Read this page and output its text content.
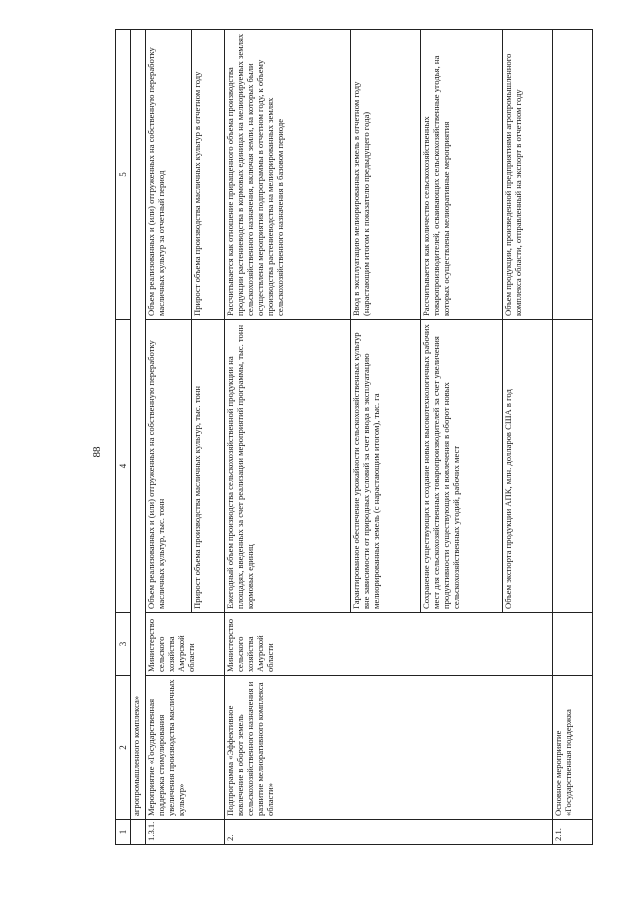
88
1	2	3	4	5
	агропромышленного комплекса»			
1.3.1.	Мероприятие «Государственная поддержка стимулирования увеличения производства масличных культур»	Министерство сельского хозяйства Амурской области	Объем реализованных и (или) отгруженных на собственную переработку масличных культур, тыс. тонн	Объем реализованных и (или) отгруженных на собственную переработку масличных культур за отчетный период
			Прирост объема производства масличных культур, тыс. тонн	Прирост объема производства масличных культур в отчетном году
2.	Подпрограмма «Эффективное вовлечение в оборот земель сельскохозяйственного назначения и развитие мелиоративного комплекса области»	Министерство сельского хозяйства Амурской области	Ежегодный объем производства сельскохозяйственной продукции на площадях, введенных за счет реализации мероприятий программы, тыс. тонн кормовых единиц	Рассчитывается как отношение приращенного объема производства продукции растениеводства в кормовых единицах на мелиорируемых землях сельскохозяйственного назначения, включая земли, на которых были осуществлены мероприятия подпрограммы в отчетном году, к объему производства растениеводства на мелиорированных землях сельскохозяйственного назначения в базовом периоде
			Гарантированное обеспечение урожайности сельскохозяйственных культур вне зависимости от природных условий за счет ввода в эксплуатацию мелиорированных земель (с нарастающим итогом), тыс. га	Ввод в эксплуатацию мелиорированных земель в отчетном году (нарастающим итогом к показателю предыдущего года)
			Сохранение существующих и создание новых высокотехнологичных рабочих мест для сельскохозяйственных товаропроизводителей за счет увеличения продуктивности существующих и вовлечения в оборот новых сельскохозяйственных угодий, рабочих мест	Рассчитывается как количество сельскохозяйственных товаропроизводителей, осваивающих сельскохозяйственные угодья, на которых осуществлены мелиоративные мероприятия
			Объем экспорта продукции АПК, млн. долларов США в год	Объем продукции, произведенной предприятиями агропромышленного комплекса области, отправленный на экспорт в отчетном году
2.1.	Основное мероприятие «Государственная поддержка			
